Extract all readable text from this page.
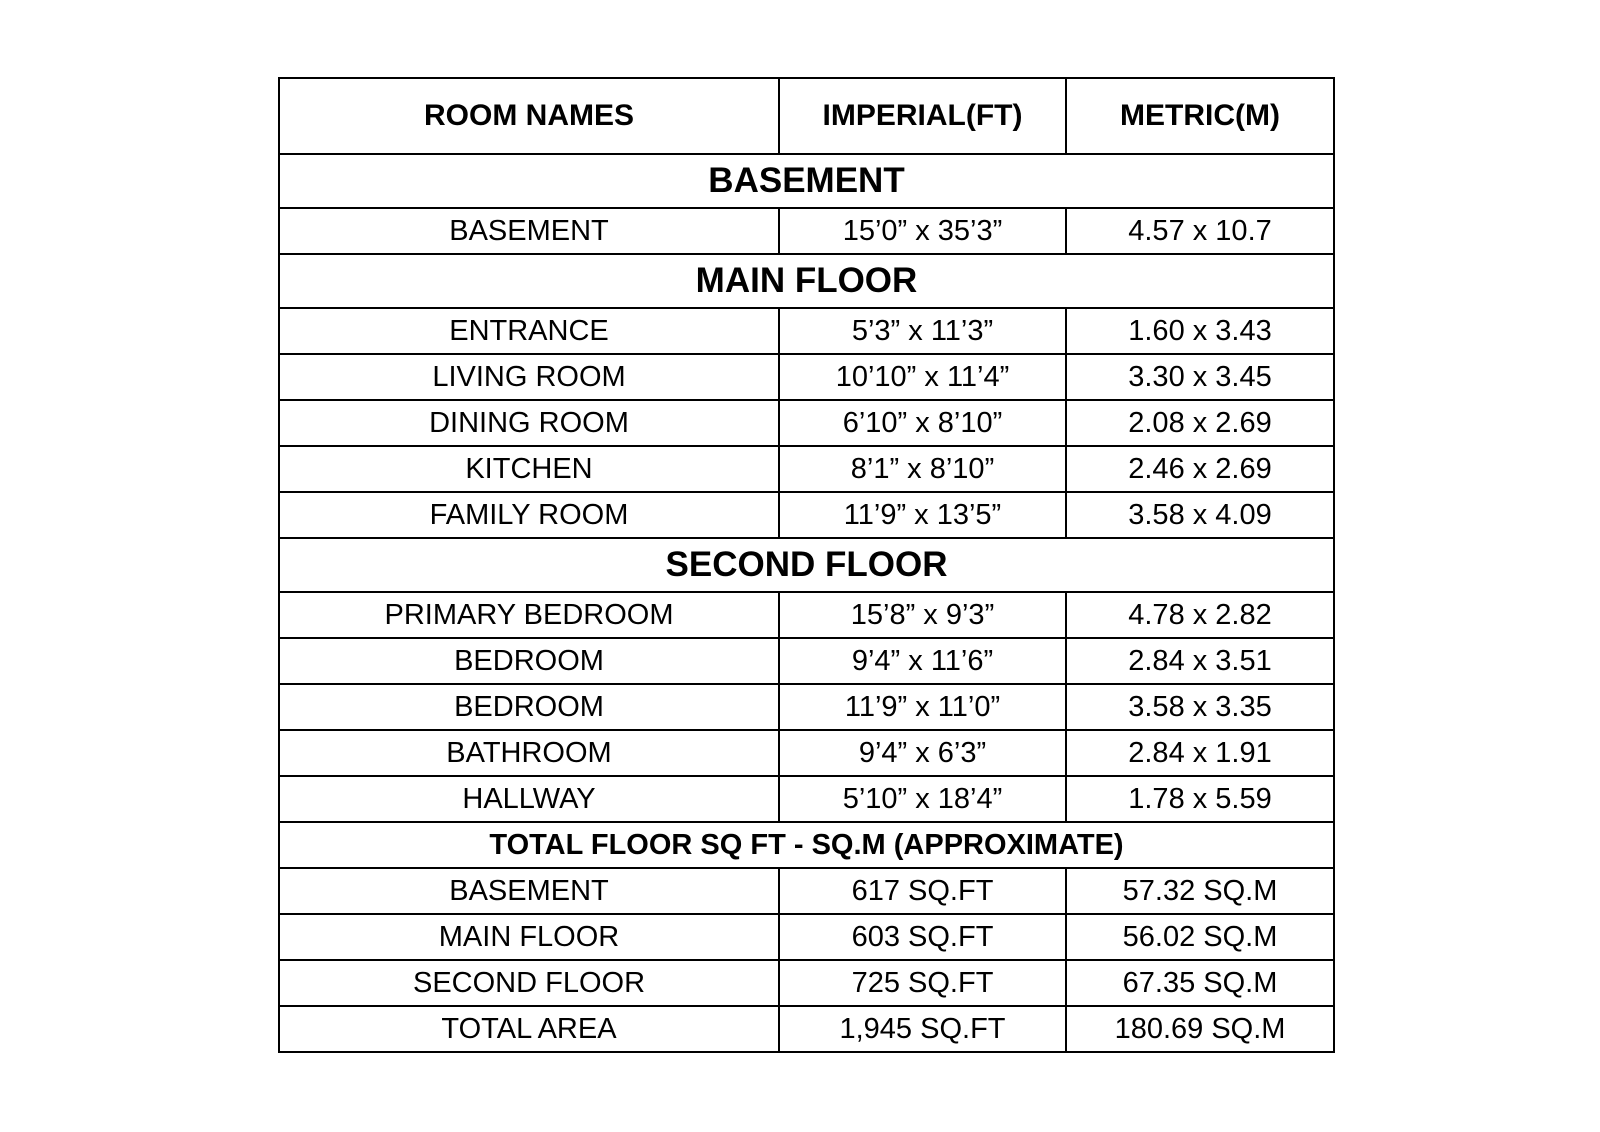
ROOM NAMES	IMPERIAL(FT)	METRIC(M)
BASEMENT		
BASEMENT	15’0” x 35’3”	4.57 x 10.7
MAIN FLOOR		
ENTRANCE	5’3” x 11’3”	1.60 x 3.43
LIVING ROOM	10’10” x 11’4”	3.30 x 3.45
DINING ROOM	6’10” x 8’10”	2.08 x 2.69
KITCHEN	8’1” x 8’10”	2.46 x 2.69
FAMILY ROOM	11’9” x 13’5”	3.58 x 4.09
SECOND FLOOR		
PRIMARY BEDROOM	15’8” x 9’3”	4.78 x 2.82
BEDROOM	9’4” x 11’6”	2.84 x 3.51
BEDROOM	11’9” x 11’0”	3.58 x 3.35
BATHROOM	9’4” x 6’3”	2.84 x 1.91
HALLWAY	5’10” x 18’4”	1.78 x 5.59
TOTAL FLOOR SQ FT - SQ.M (APPROXIMATE)		
BASEMENT	617 SQ.FT	57.32 SQ.M
MAIN FLOOR	603 SQ.FT	56.02 SQ.M
SECOND FLOOR	725 SQ.FT	67.35 SQ.M
TOTAL AREA	1,945 SQ.FT	180.69 SQ.M
